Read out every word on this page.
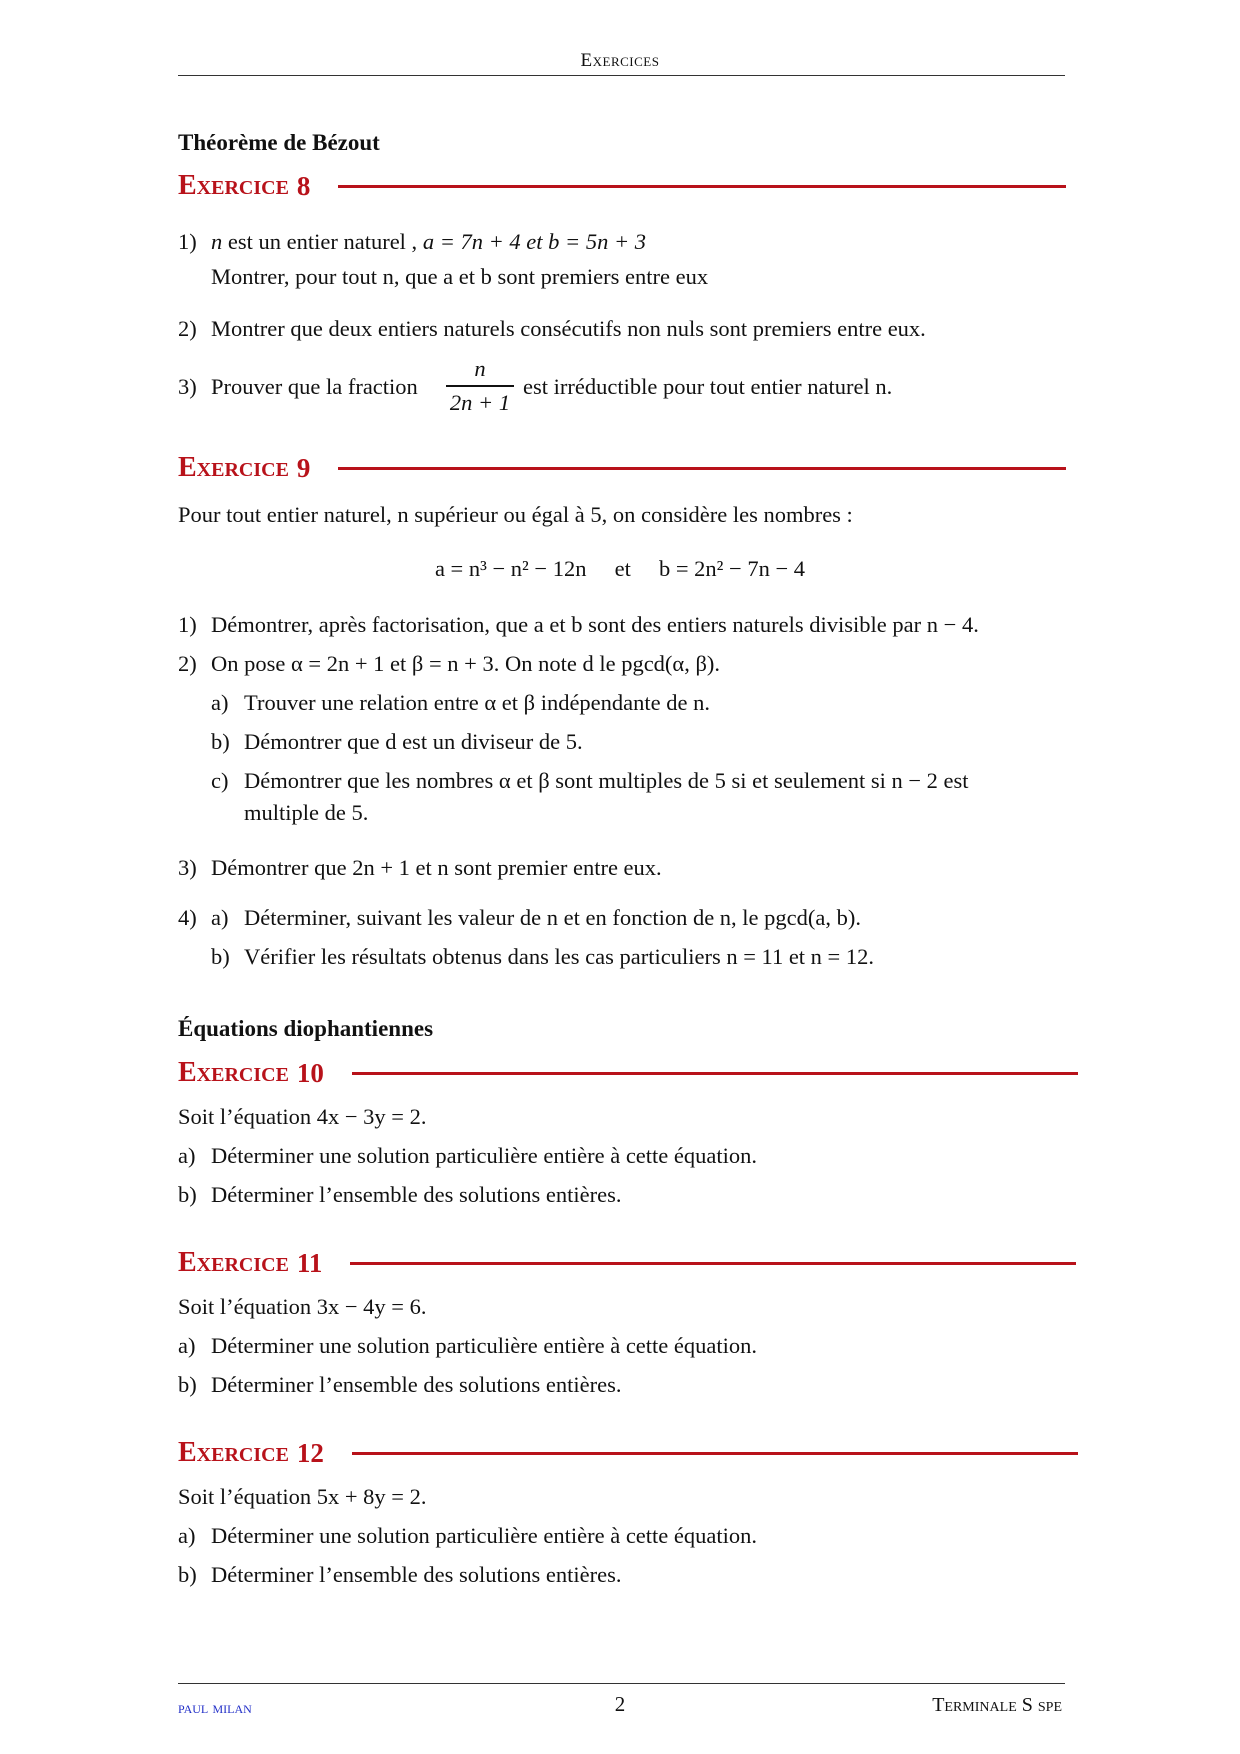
Exercices
Théorème de Bézout
Exercice 8
1) n est un entier naturel , a = 7n + 4 et b = 5n + 3
Montrer, pour tout n, que a et b sont premiers entre eux
2) Montrer que deux entiers naturels consécutifs non nuls sont premiers entre eux.
3) Prouver que la fraction
n
2n + 1
est irréductible pour tout entier naturel n.
Exercice 9
Pour tout entier naturel, n supérieur ou égal à 5, on considère les nombres :
a = n³ − n² − 12n     et     b = 2n² − 7n − 4
1) Démontrer, après factorisation, que a et b sont des entiers naturels divisible par n − 4.
2) On pose α = 2n + 1 et β = n + 3. On note d le pgcd(α, β).
a) Trouver une relation entre α et β indépendante de n.
b) Démontrer que d est un diviseur de 5.
c) Démontrer que les nombres α et β sont multiples de 5 si et seulement si n − 2 est
multiple de 5.
3) Démontrer que 2n + 1 et n sont premier entre eux.
4) a) Déterminer, suivant les valeur de n et en fonction de n, le pgcd(a, b).
b) Vérifier les résultats obtenus dans les cas particuliers n = 11 et n = 12.
Équations diophantiennes
Exercice 10
Soit l’équation 4x − 3y = 2.
a) Déterminer une solution particulière entière à cette équation.
b) Déterminer l’ensemble des solutions entières.
Exercice 11
Soit l’équation 3x − 4y = 6.
a) Déterminer une solution particulière entière à cette équation.
b) Déterminer l’ensemble des solutions entières.
Exercice 12
Soit l’équation 5x + 8y = 2.
a) Déterminer une solution particulière entière à cette équation.
b) Déterminer l’ensemble des solutions entières.
paul milan	2	Terminale S spe
